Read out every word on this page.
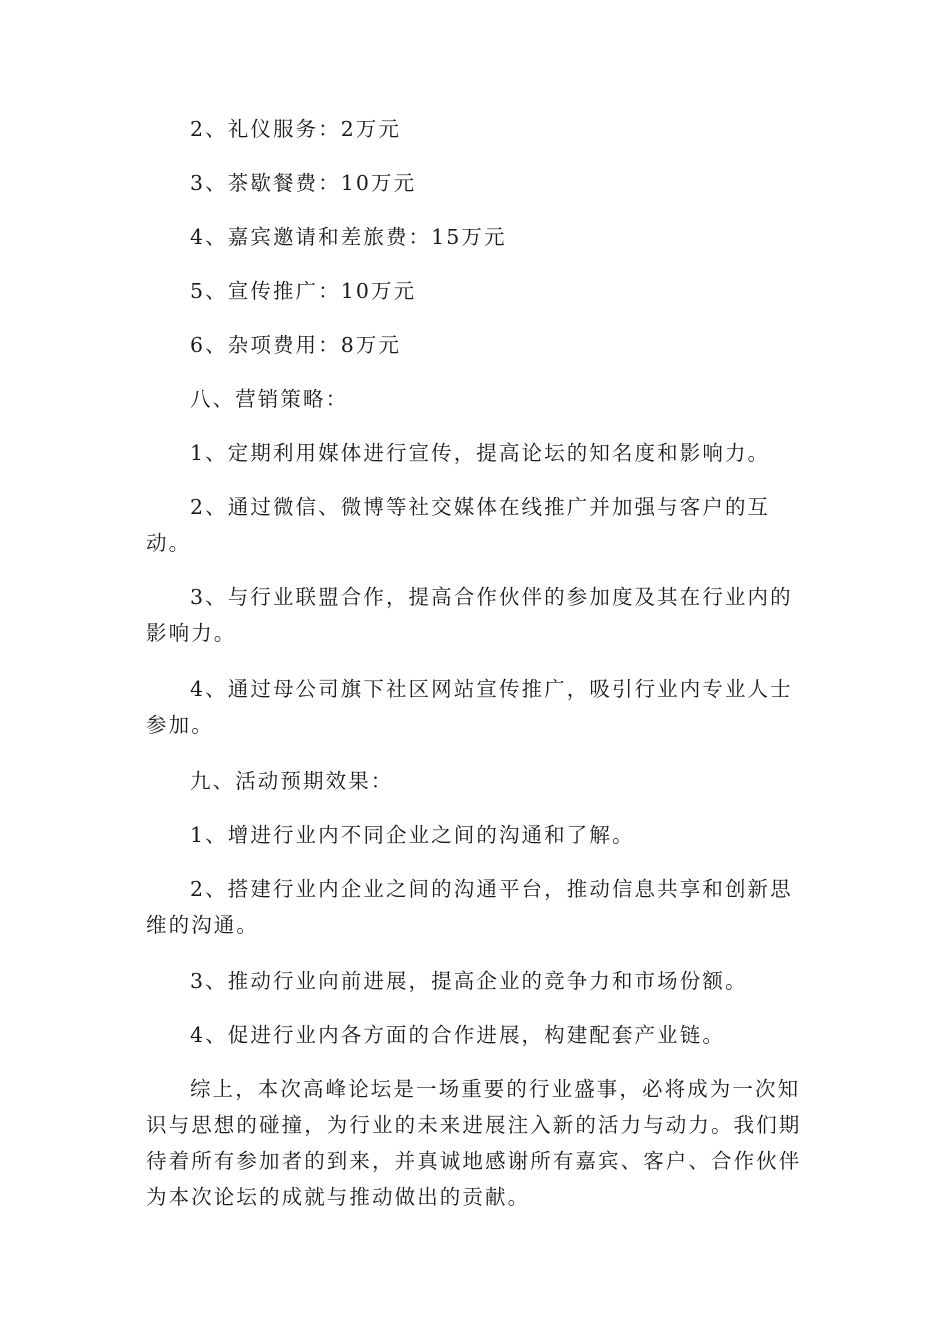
2、礼仪服务：2万元

3、茶歇餐费：10万元

4、嘉宾邀请和差旅费：15万元

5、宣传推广：10万元

6、杂项费用：8万元

八、营销策略：

1、定期利用媒体进行宣传，提高论坛的知名度和影响力。

2、通过微信、微博等社交媒体在线推广并加强与客户的互动。

3、与行业联盟合作，提高合作伙伴的参加度及其在行业内的影响力。

4、通过母公司旗下社区网站宣传推广，吸引行业内专业人士参加。

九、活动预期效果：

1、增进行业内不同企业之间的沟通和了解。

2、搭建行业内企业之间的沟通平台，推动信息共享和创新思维的沟通。

3、推动行业向前进展，提高企业的竞争力和市场份额。

4、促进行业内各方面的合作进展，构建配套产业链。

综上，本次高峰论坛是一场重要的行业盛事，必将成为一次知识与思想的碰撞，为行业的未来进展注入新的活力与动力。我们期待着所有参加者的到来，并真诚地感谢所有嘉宾、客户、合作伙伴为本次论坛的成就与推动做出的贡献。
